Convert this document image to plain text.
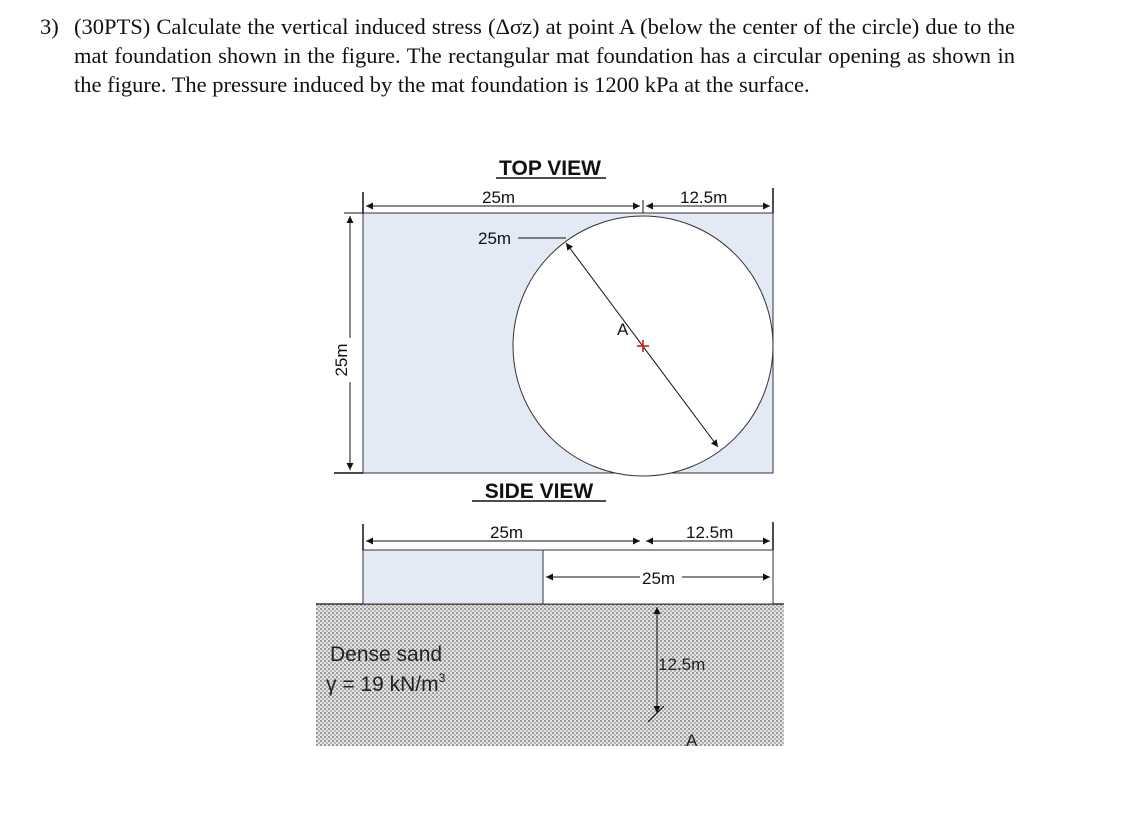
3) (30PTS) Calculate the vertical induced stress (Δσz) at point A (below the center of the circle) due to the mat foundation shown in the figure. The rectangular mat foundation has a circular opening as shown in the figure. The pressure induced by the mat foundation is 1200 kPa at the surface.
TOP VIEW
25m	12.5m
25m
A
25m
SIDE VIEW
25m	12.5m
25m
12.5m
A
Dense sand
γ = 19 $kN/m^3$
